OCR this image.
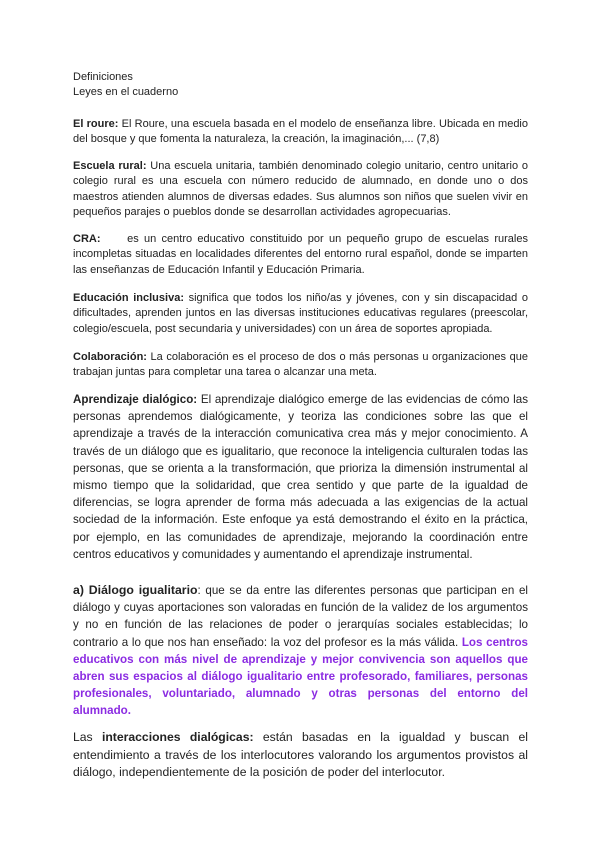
Definiciones
Leyes en el cuaderno

El roure: El Roure, una escuela basada en el modelo de enseñanza libre. Ubicada en medio del bosque y que fomenta la naturaleza, la creación, la imaginación,... (7,8)

Escuela rural: Una escuela unitaria, también denominado colegio unitario, centro unitario o colegio rural es una escuela con número reducido de alumnado, en donde uno o dos maestros atienden alumnos de diversas edades. Sus alumnos son niños que suelen vivir en pequeños parajes o pueblos donde se desarrollan actividades agropecuarias.

CRA:     es un centro educativo constituido por un pequeño grupo de escuelas rurales incompletas situadas en localidades diferentes del entorno rural español, donde se imparten las enseñanzas de Educación Infantil y Educación Primaria.

Educación inclusiva: significa que todos los niño/as y jóvenes, con y sin discapacidad o dificultades, aprenden juntos en las diversas instituciones educativas regulares (preescolar, colegio/escuela, post secundaria y universidades) con un área de soportes apropiada.

Colaboración: La colaboración es el proceso de dos o más personas u organizaciones que trabajan juntas para completar una tarea o alcanzar una meta.

Aprendizaje dialógico: El aprendizaje dialógico emerge de las evidencias de cómo las personas aprendemos dialógicamente, y teoriza las condiciones sobre las que el aprendizaje a través de la interacción comunicativa crea más y mejor conocimiento. A través de un diálogo que es igualitario, que reconoce la inteligencia culturalen todas las personas, que se orienta a la transformación, que prioriza la dimensión instrumental al mismo tiempo que la solidaridad, que crea sentido y que parte de la igualdad de diferencias, se logra aprender de forma más adecuada a las exigencias de la actual sociedad de la información. Este enfoque ya está demostrando el éxito en la práctica, por ejemplo, en las comunidades de aprendizaje, mejorando la coordinación entre centros educativos y comunidades y aumentando el aprendizaje instrumental.

a) Diálogo igualitario: que se da entre las diferentes personas que participan en el diálogo y cuyas aportaciones son valoradas en función de la validez de los argumentos y no en función de las relaciones de poder o jerarquías sociales establecidas; lo contrario a lo que nos han enseñado: la voz del profesor es la más válida. Los centros educativos con más nivel de aprendizaje y mejor convivencia son aquellos que abren sus espacios al diálogo igualitario entre profesorado, familiares, personas profesionales, voluntariado, alumnado y otras personas del entorno del alumnado.

Las interacciones dialógicas: están basadas en la igualdad y buscan el entendimiento a través de los interlocutores valorando los argumentos provistos al diálogo, independientemente de la posición de poder del interlocutor.
